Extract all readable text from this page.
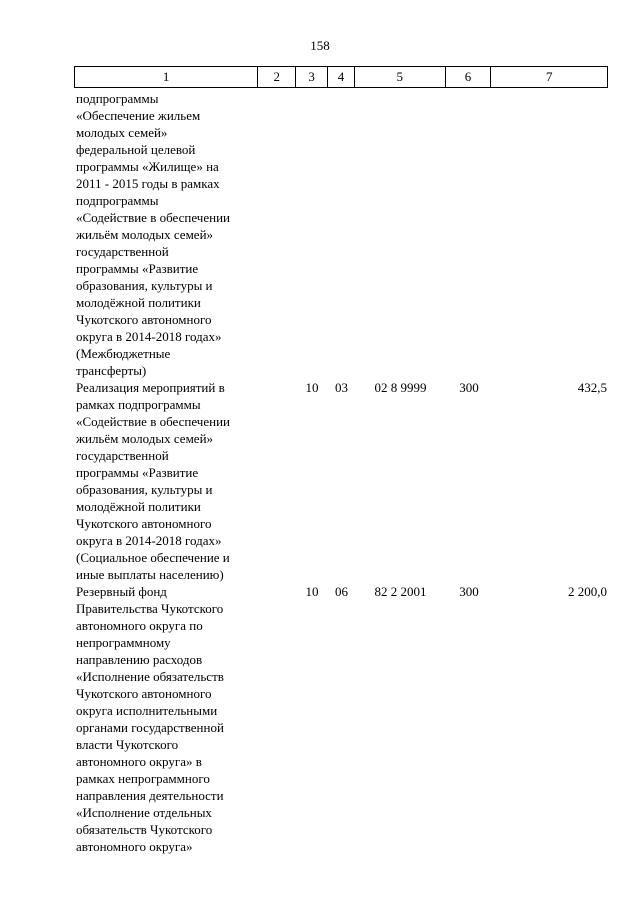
158
1	2	3	4	5	6	7
подпрограммы
«Обеспечение жильем
молодых семей»
федеральной целевой
программы «Жилище» на
2011 - 2015 годы в рамках
подпрограммы
«Содействие в обеспечении
жильём молодых семей»
государственной
программы «Развитие
образования, культуры и
молодёжной политики
Чукотского автономного
округа в 2014-2018 годах»
(Межбюджетные
трансферты)
Реализация мероприятий в
рамках подпрограммы
«Содействие в обеспечении
жильём молодых семей»
государственной
программы «Развитие
образования, культуры и
молодёжной политики
Чукотского автономного
округа в 2014-2018 годах»
(Социальное обеспечение и
иные выплаты населению)
10	03	02 8 9999	300	432,5
Резервный фонд
Правительства Чукотского
автономного округа по
непрограммному
направлению расходов
«Исполнение обязательств
Чукотского автономного
округа исполнительными
органами государственной
власти Чукотского
автономного округа» в
рамках непрограммного
направления деятельности
«Исполнение отдельных
обязательств Чукотского
автономного округа»
10	06	82 2 2001	300	2 200,0
